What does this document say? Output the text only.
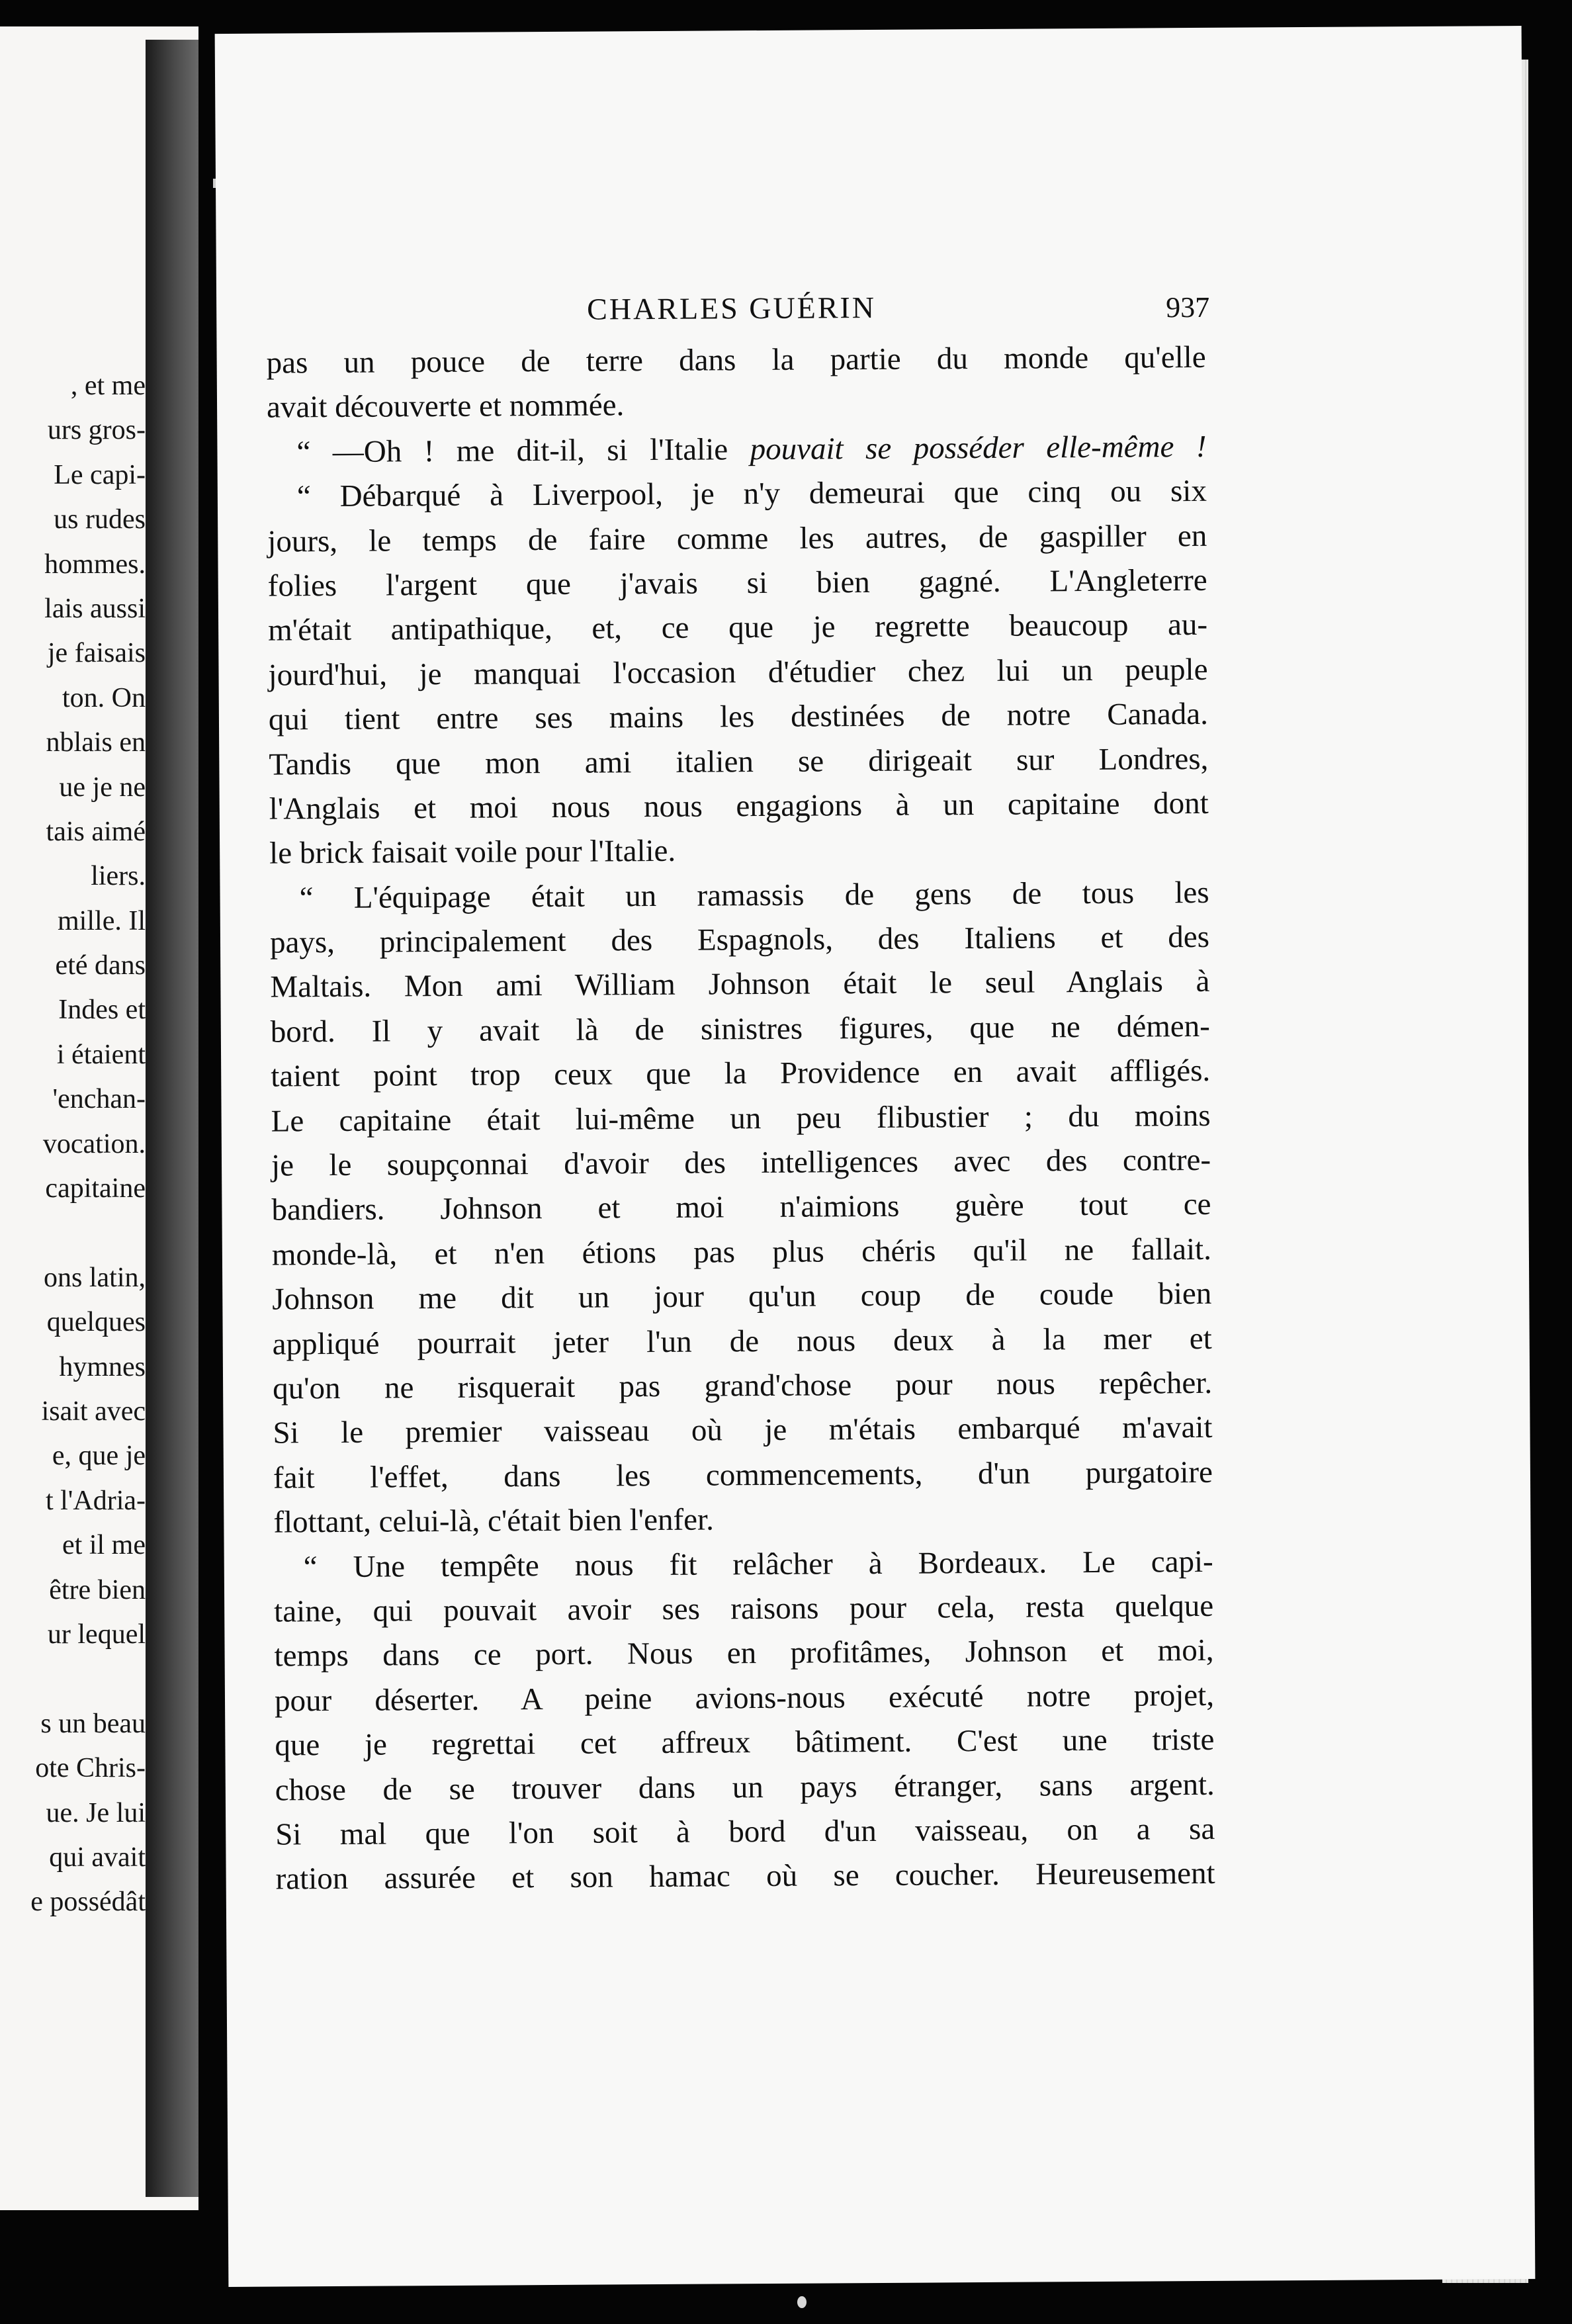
, et me
urs gros-
Le capi-
us rudes
hommes.
lais aussi
je faisais
ton. On
nblais en
ue je ne
tais aimé
liers.
mille. Il
eté dans
Indes et
i étaient
'enchan-
vocation.
capitaine
ons latin,
quelques
hymnes
isait avec
e, que je
t l'Adria-
et il me
être bien
ur lequel
s un beau
ote Chris-
ue. Je lui
qui avait
e possédât
CHARLES GUÉRIN	937
pas un pouce de terre dans la partie du monde qu'elle
avait découverte et nommée.
“ —Oh ! me dit-il, si l'Italie pouvait se posséder elle-même !
“ Débarqué à Liverpool, je n'y demeurai que cinq ou six
jours, le temps de faire comme les autres, de gaspiller en
folies l'argent que j'avais si bien gagné. L'Angleterre
m'était antipathique, et, ce que je regrette beaucoup au-
jourd'hui, je manquai l'occasion d'étudier chez lui un peuple
qui tient entre ses mains les destinées de notre Canada.
Tandis que mon ami italien se dirigeait sur Londres,
l'Anglais et moi nous nous engagions à un capitaine dont
le brick faisait voile pour l'Italie.
“ L'équipage était un ramassis de gens de tous les
pays, principalement des Espagnols, des Italiens et des
Maltais. Mon ami William Johnson était le seul Anglais à
bord. Il y avait là de sinistres figures, que ne démen-
taient point trop ceux que la Providence en avait affligés.
Le capitaine était lui-même un peu flibustier ; du moins
je le soupçonnai d'avoir des intelligences avec des contre-
bandiers. Johnson et moi n'aimions guère tout ce
monde-là, et n'en étions pas plus chéris qu'il ne fallait.
Johnson me dit un jour qu'un coup de coude bien
appliqué pourrait jeter l'un de nous deux à la mer et
qu'on ne risquerait pas grand'chose pour nous repêcher.
Si le premier vaisseau où je m'étais embarqué m'avait
fait l'effet, dans les commencements, d'un purgatoire
flottant, celui-là, c'était bien l'enfer.
“ Une tempête nous fit relâcher à Bordeaux. Le capi-
taine, qui pouvait avoir ses raisons pour cela, resta quelque
temps dans ce port. Nous en profitâmes, Johnson et moi,
pour déserter. A peine avions-nous exécuté notre projet,
que je regrettai cet affreux bâtiment. C'est une triste
chose de se trouver dans un pays étranger, sans argent.
Si mal que l'on soit à bord d'un vaisseau, on a sa
ration assurée et son hamac où se coucher. Heureusement
